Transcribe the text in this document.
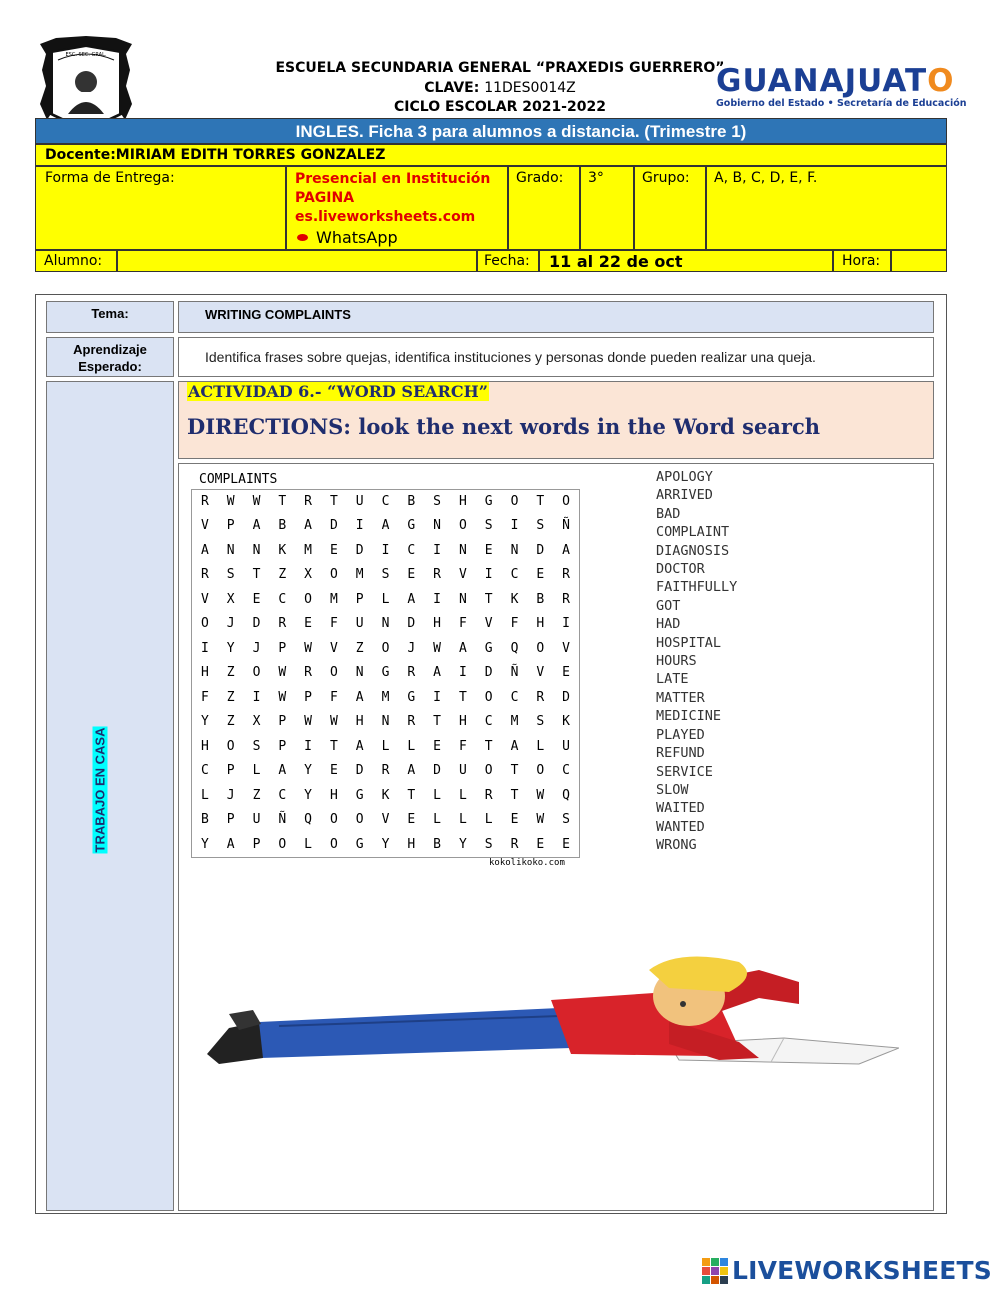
ESC. SEC. GRAL.
ESCUELA SECUNDARIA GENERAL “PRAXEDIS GUERRERO”
CLAVE: 11DES0014Z
CICLO ESCOLAR 2021-2022
GUANAJUATO
Gobierno del Estado • Secretaría de Educación
INGLES. Ficha 3 para alumnos a distancia. (Trimestre 1)
Docente:MIRIAM EDITH TORRES GONZALEZ
Forma de Entrega:	Presencial en Institución
PAGINA
es.liveworksheets.com
WhatsApp
Grado: 3°	Grupo: A, B, C, D, E, F.
Alumno:	Fecha: 11 al 22 de oct	Hora:
Tema:	WRITING COMPLAINTS
Aprendizaje
Esperado:
Identifica frases sobre quejas, identifica instituciones y personas donde pueden realizar una queja.
ACTIVIDAD 6.- “WORD SEARCH”
DIRECTIONS: look the next words in the Word search
COMPLAINTS
R	W	W	T	R	T	U	C	B	S	H	G	O	T	O
V	P	A	B	A	D	I	A	G	N	O	S	I	S	Ñ
A	N	N	K	M	E	D	I	C	I	N	E	N	D	A
R	S	T	Z	X	O	M	S	E	R	V	I	C	E	R
V	X	E	C	O	M	P	L	A	I	N	T	K	B	R
O	J	D	R	E	F	U	N	D	H	F	V	F	H	I
I	Y	J	P	W	V	Z	O	J	W	A	G	Q	O	V
H	Z	O	W	R	O	N	G	R	A	I	D	Ñ	V	E
F	Z	I	W	P	F	A	M	G	I	T	O	C	R	D
Y	Z	X	P	W	W	H	N	R	T	H	C	M	S	K
H	O	S	P	I	T	A	L	L	E	F	T	A	L	U
C	P	L	A	Y	E	D	R	A	D	U	O	T	O	C
L	J	Z	C	Y	H	G	K	T	L	L	R	T	W	Q
B	P	U	Ñ	Q	O	O	V	E	L	L	L	E	W	S
Y	A	P	O	L	O	G	Y	H	B	Y	S	R	E	E
kokolikoko.com
APOLOGY
ARRIVED
BAD
COMPLAINT
DIAGNOSIS
DOCTOR
FAITHFULLY
GOT
HAD
HOSPITAL
HOURS
LATE
MATTER
MEDICINE
PLAYED
REFUND
SERVICE
SLOW
WAITED
WANTED
WRONG
TRABAJO EN CASA
LIVEWORKSHEETS
